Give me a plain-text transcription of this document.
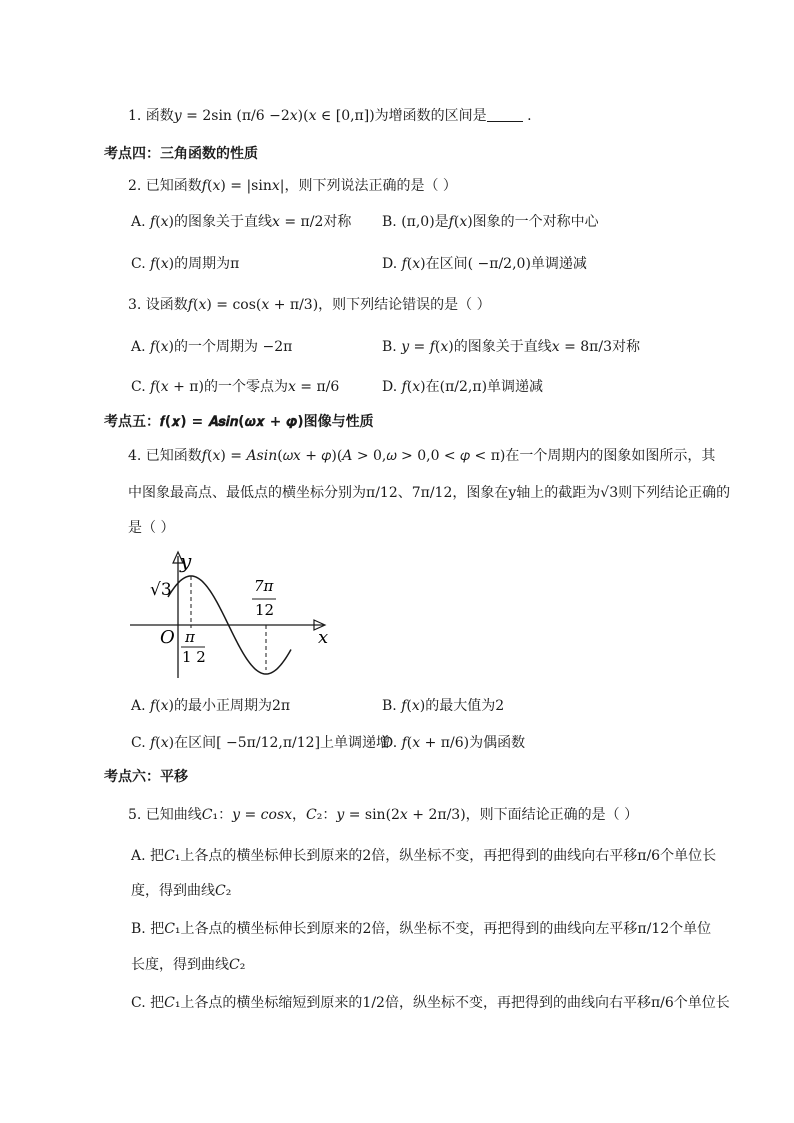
1. 函数𝑦 = 2sin (π/6 −2𝑥)(𝑥 ∈ [0,π])为增函数的区间是	.
考点四：三角函数的性质
2. 已知函数𝑓(𝑥) = |sin𝑥|，则下列说法正确的是（ ）
A. 𝑓(𝑥)的图象关于直线𝑥 = π/2对称 B. (π,0)是𝑓(𝑥)图象的一个对称中心
C. 𝑓(𝑥)的周期为π	D. 𝑓(𝑥)在区间( −π/2,0)单调递减
3. 设函数𝑓(𝑥) = cos(𝑥 + π/3)，则下列结论错误的是（ ）
A. 𝑓(𝑥)的一个周期为 −2π	B. 𝑦 = 𝑓(𝑥)的图象关于直线𝑥 = 8π/3对称
C. 𝑓(𝑥 + π)的一个零点为𝑥 = π/6	D. 𝑓(𝑥)在(π/2,π)单调递减
考点五：𝒇(𝒙) = 𝑨𝒔𝒊𝒏(𝝎𝒙 + 𝝋)图像与性质
4. 已知函数𝑓(𝑥) = 𝐴𝑠𝑖𝑛(𝜔𝑥 + 𝜑)(𝐴 > 0,𝜔 > 0,0 < 𝜑 < π)在一个周期内的图象如图所示，其
中图象最高点、最低点的横坐标分别为π/12、7π/12，图象在y轴上的截距为√3则下列结论正确的
是（ ）
𝑦
𝑥
𝑂
√3
π
1 2
7π
12
A. 𝑓(𝑥)的最小正周期为2π	B. 𝑓(𝑥)的最大值为2
C. 𝑓(𝑥)在区间[ −5π/12,π/12]上单调递增
D. 𝑓(𝑥 + π/6)为偶函数
考点六：平移
5. 已知曲线𝐶₁：𝑦 = 𝑐𝑜𝑠𝑥，𝐶₂：𝑦 = sin(2𝑥 + 2π/3)，则下面结论正确的是（ ）
A. 把𝐶₁上各点的横坐标伸长到原来的2倍，纵坐标不变，再把得到的曲线向右平移π/6个单位长
度，得到曲线𝐶₂
B. 把𝐶₁上各点的横坐标伸长到原来的2倍，纵坐标不变，再把得到的曲线向左平移π/12个单位
长度，得到曲线𝐶₂
C. 把𝐶₁上各点的横坐标缩短到原来的1/2倍，纵坐标不变，再把得到的曲线向右平移π/6个单位长
